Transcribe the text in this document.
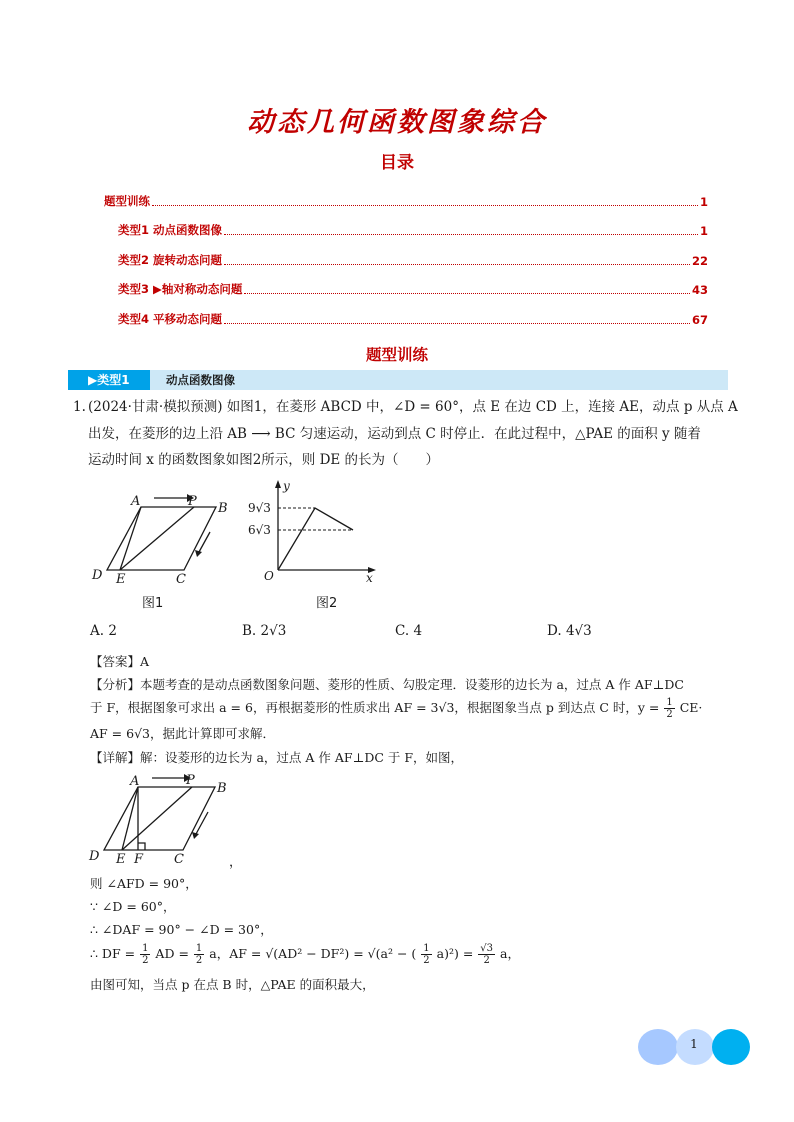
动态几何函数图象综合
目录
题型训练	1
类型1 动点函数图像	1
类型2 旋转动态问题	22
类型3 ▶轴对称动态问题	43
类型4 平移动态问题	67
题型训练
▶类型1	动点函数图像
1. (2024·甘肃·模拟预测) 如图1，在菱形 ABCD 中，∠D = 60°，点 E 在边 CD 上，连接 AE，动点 p 从点 A
出发，在菱形的边上沿 AB ⟶ BC 匀速运动，运动到点 C 时停止．在此过程中，△PAE 的面积 y 随着
运动时间 x 的函数图象如图2所示，则 DE 的长为（　　）
A	P B
D E	C
图1
9√3
6√3
y
x
O
图2
A. 2	B. 2√3	C. 4	D. 4√3
【答案】A
【分析】本题考查的是动点函数图象问题、菱形的性质、勾股定理．设菱形的边长为 a，过点 A 作 AF⊥DC
于 F，根据图象可求出 a = 6，再根据菱形的性质求出 AF = 3√3，根据图象当点 p 到达点 C 时，$y = \frac{1}{2} CE\cdot$
AF = 6√3，据此计算即可求解．
【详解】解：设菱形的边长为 a，过点 A 作 AF⊥DC 于 F，如图，
A	P
B
D E F C	，
则 ∠AFD = 90°，
∵ ∠D = 60°，
∴ ∠DAF = 90° − ∠D = 30°，
∴ DF = $\frac{1}{2}$ AD = $\frac{1}{2}$ a，AF = √(AD² − DF²) = √(a² − ( $\frac{1}{2} a)^2) = \frac{√3}{2}$ a，
由图可知，当点 p 在点 B 时，△PAE 的面积最大，
1
